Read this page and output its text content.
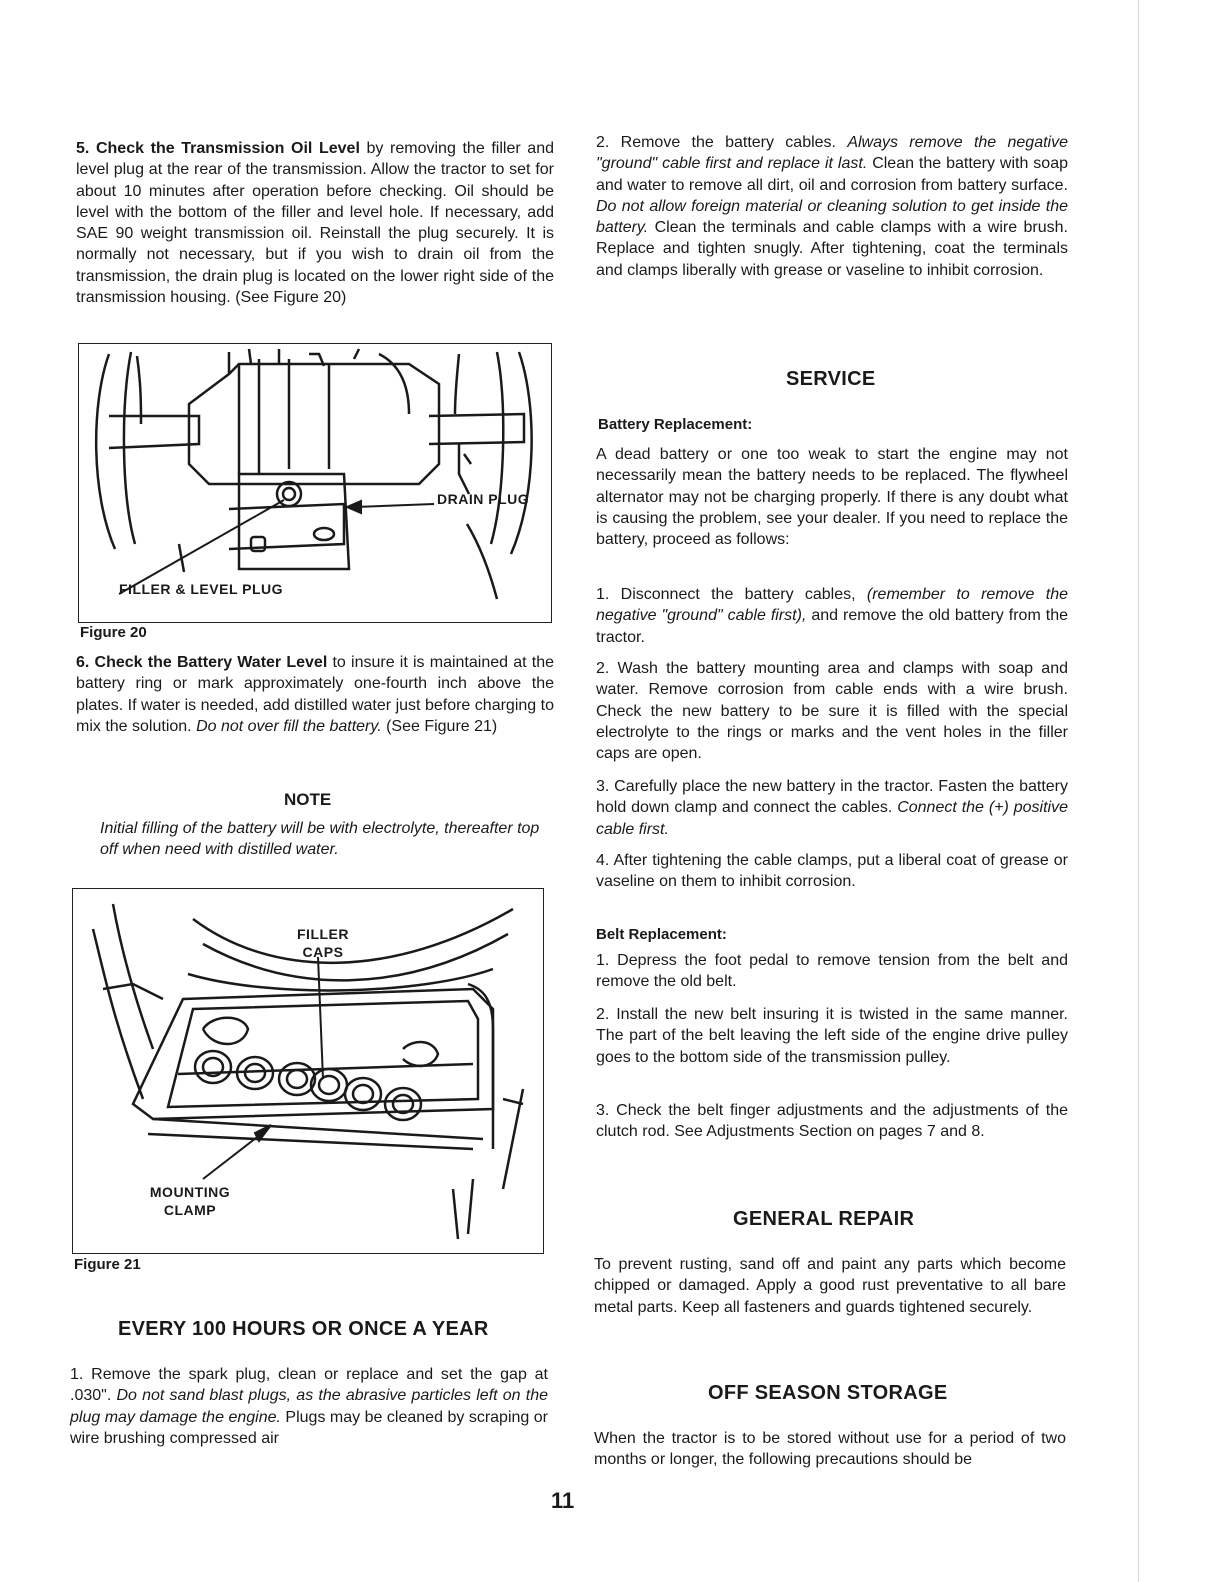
5. Check the Transmission Oil Level by removing the filler and level plug at the rear of the transmission. Allow the tractor to set for about 10 minutes after operation before checking. Oil should be level with the bottom of the filler and level hole. If necessary, add SAE 90 weight transmission oil. Reinstall the plug securely. It is normally not necessary, but if you wish to drain oil from the transmission, the drain plug is located on the lower right side of the transmission housing. (See Figure 20)

DRAIN PLUG
FILLER & LEVEL PLUG
Figure 20

6. Check the Battery Water Level to insure it is maintained at the battery ring or mark approximately one-fourth inch above the plates. If water is needed, add distilled water just before charging to mix the solution. Do not over fill the battery. (See Figure 21)

NOTE

Initial filling of the battery will be with electrolyte, thereafter top off when need with distilled water.

FILLER CAPS
MOUNTING CLAMP
Figure 21
EVERY 100 HOURS OR ONCE A YEAR

1. Remove the spark plug, clean or replace and set the gap at .030". Do not sand blast plugs, as the abrasive particles left on the plug may damage the engine. Plugs may be cleaned by scraping or wire brushing compressed air

2. Remove the battery cables. Always remove the negative "ground" cable first and replace it last. Clean the battery with soap and water to remove all dirt, oil and corrosion from battery surface. Do not allow foreign material or cleaning solution to get inside the battery. Clean the terminals and cable clamps with a wire brush. Replace and tighten snugly. After tightening, coat the terminals and clamps liberally with grease or vaseline to inhibit corrosion.

SERVICE
Battery Replacement:

A dead battery or one too weak to start the engine may not necessarily mean the battery needs to be replaced. The flywheel alternator may not be charging properly. If there is any doubt what is causing the problem, see your dealer. If you need to replace the battery, proceed as follows:

1. Disconnect the battery cables, (remember to remove the negative "ground" cable first), and remove the old battery from the tractor.

2. Wash the battery mounting area and clamps with soap and water. Remove corrosion from cable ends with a wire brush. Check the new battery to be sure it is filled with the special electrolyte to the rings or marks and the vent holes in the filler caps are open.

3. Carefully place the new battery in the tractor. Fasten the battery hold down clamp and connect the cables. Connect the (+) positive cable first.

4. After tightening the cable clamps, put a liberal coat of grease or vaseline on them to inhibit corrosion.

Belt Replacement:

1. Depress the foot pedal to remove tension from the belt and remove the old belt.

2. Install the new belt insuring it is twisted in the same manner. The part of the belt leaving the left side of the engine drive pulley goes to the bottom side of the transmission pulley.

3. Check the belt finger adjustments and the adjustments of the clutch rod. See Adjustments Section on pages 7 and 8.

GENERAL REPAIR

To prevent rusting, sand off and paint any parts which become chipped or damaged. Apply a good rust preventative to all bare metal parts. Keep all fasteners and guards tightened securely.

OFF SEASON STORAGE

When the tractor is to be stored without use for a period of two months or longer, the following precautions should be

11
